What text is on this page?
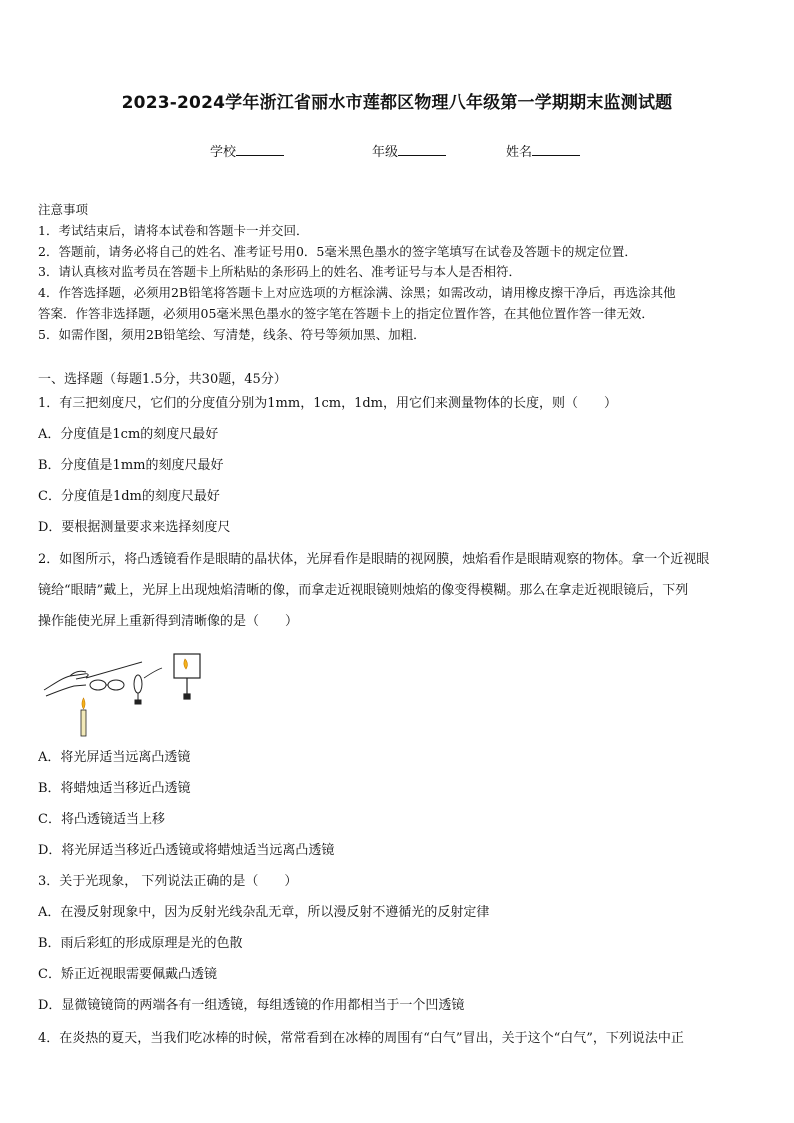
2023-2024学年浙江省丽水市莲都区物理八年级第一学期期末监测试题
学校	年级	姓名
注意事项
1．考试结束后，请将本试卷和答题卡一并交回．
2．答题前，请务必将自己的姓名、准考证号用0．5毫米黑色墨水的签字笔填写在试卷及答题卡的规定位置．
3．请认真核对监考员在答题卡上所粘贴的条形码上的姓名、准考证号与本人是否相符．
4．作答选择题，必须用2B铅笔将答题卡上对应选项的方框涂满、涂黑；如需改动，请用橡皮擦干净后，再选涂其他
答案．作答非选择题，必须用05毫米黑色墨水的签字笔在答题卡上的指定位置作答，在其他位置作答一律无效．
5．如需作图，须用2B铅笔绘、写清楚，线条、符号等须加黑、加粗．
一、选择题（每题1.5分，共30题，45分）
1．有三把刻度尺，它们的分度值分别为1mm，1cm，1dm，用它们来测量物体的长度，则（　　）
A．分度值是1cm的刻度尺最好
B．分度值是1mm的刻度尺最好
C．分度值是1dm的刻度尺最好
D．要根据测量要求来选择刻度尺
2．如图所示，将凸透镜看作是眼睛的晶状体，光屏看作是眼睛的视网膜，烛焰看作是眼睛观察的物体。拿一个近视眼
镜给“眼睛”戴上，光屏上出现烛焰清晰的像，而拿走近视眼镜则烛焰的像变得模糊。那么在拿走近视眼镜后，下列
操作能使光屏上重新得到清晰像的是（　　）
A．将光屏适当远离凸透镜
B．将蜡烛适当移近凸透镜
C．将凸透镜适当上移
D．将光屏适当移近凸透镜或将蜡烛适当远离凸透镜
3．关于光现象， 下列说法正确的是（　　）
A．在漫反射现象中，因为反射光线杂乱无章，所以漫反射不遵循光的反射定律
B．雨后彩虹的形成原理是光的色散
C．矫正近视眼需要佩戴凸透镜
D．显微镜镜筒的两端各有一组透镜，每组透镜的作用都相当于一个凹透镜
4．在炎热的夏天，当我们吃冰棒的时候，常常看到在冰棒的周围有“白气”冒出，关于这个“白气”，下列说法中正
